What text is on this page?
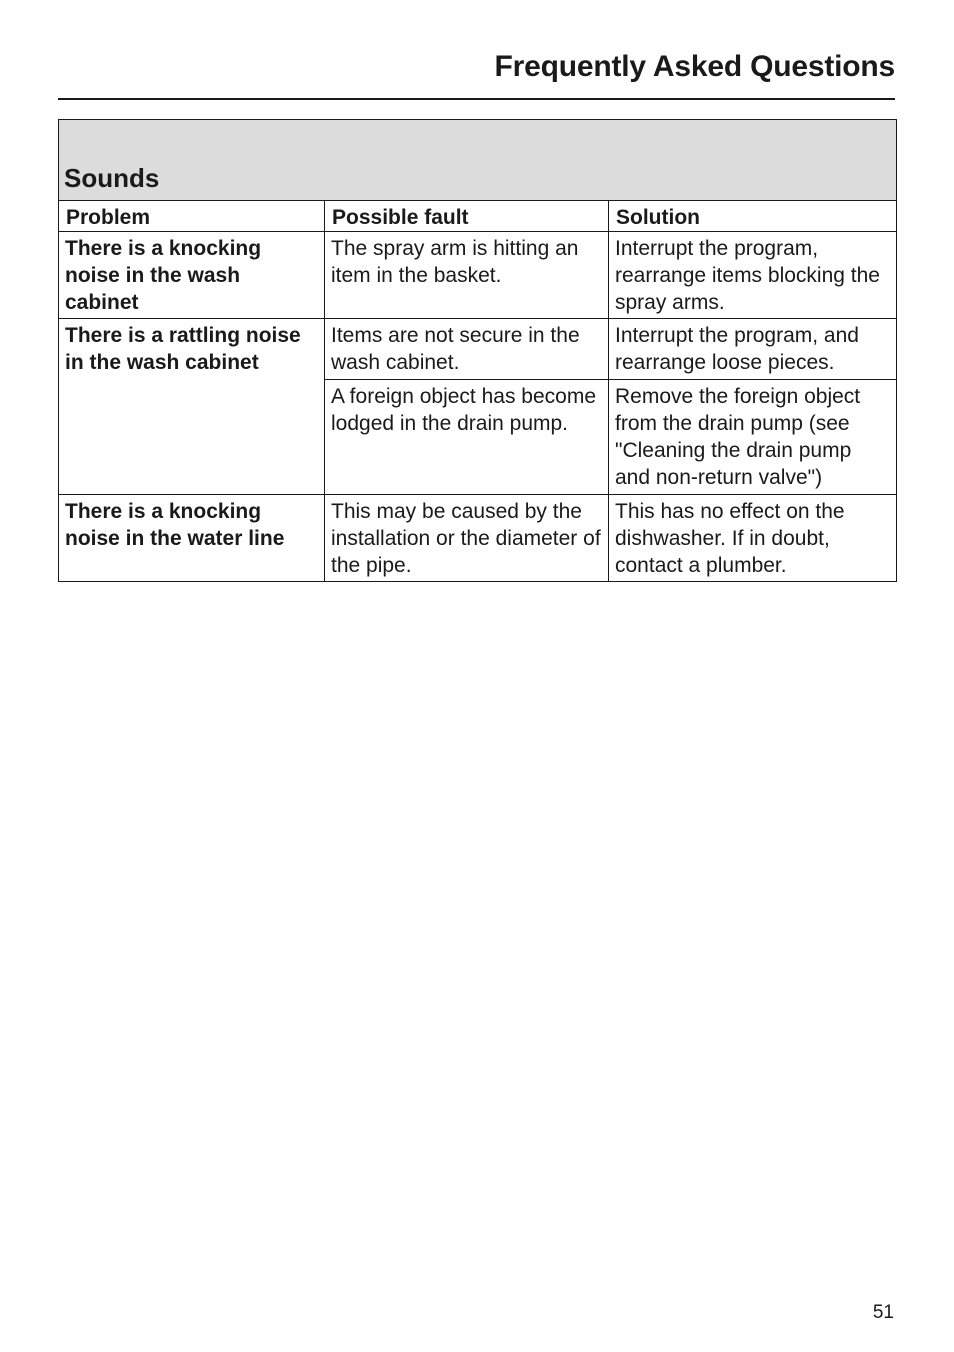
Frequently Asked Questions
Sounds		
Problem	Possible fault	Solution
There is a knocking noise in the wash cabinet	The spray arm is hitting an item in the basket.	Interrupt the program, rearrange items blocking the spray arms.
There is a rattling noise in the wash cabinet	Items are not secure in the wash cabinet.	Interrupt the program, and rearrange loose pieces.
	A foreign object has become lodged in the drain pump.	Remove the foreign object from the drain pump (see "Cleaning the drain pump and non-return valve")
There is a knocking noise in the water line	This may be caused by the installation or the diameter of the pipe.	This has no effect on the dishwasher. If in doubt, contact a plumber.
51
